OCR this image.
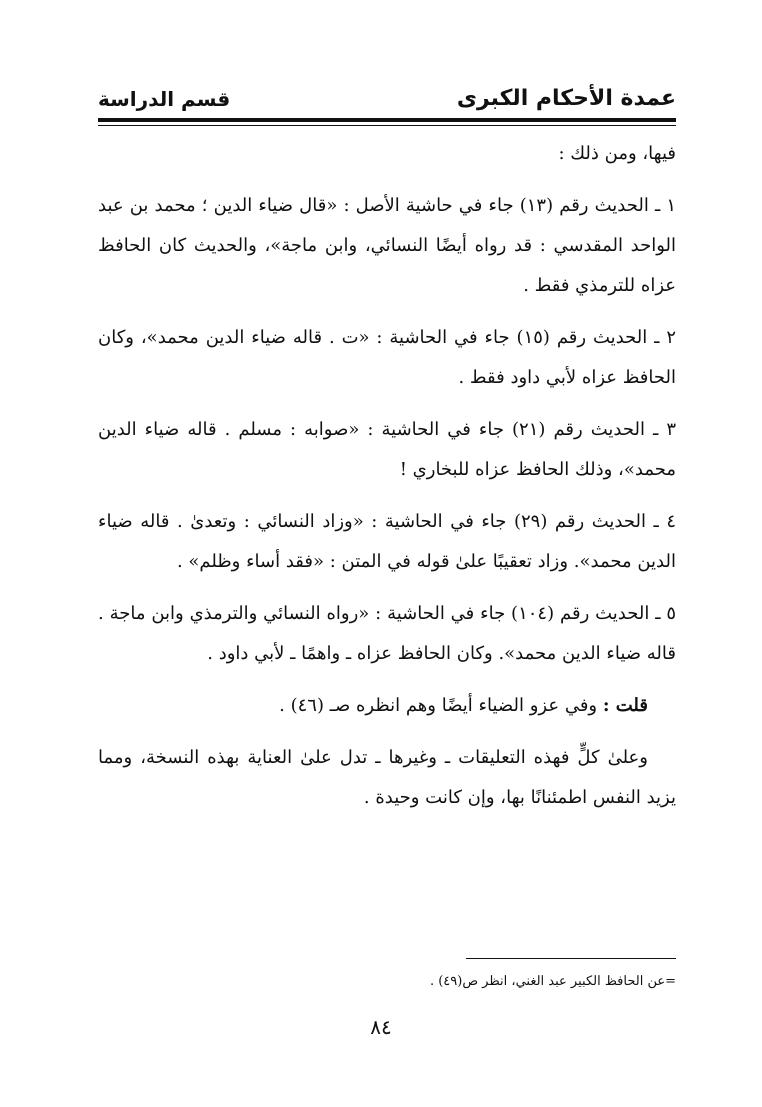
عمدة الأحكام الكبرى
قسم الدراسة

فيها، ومن ذلك :

١ ـ الحديث رقم (١٣) جاء في حاشية الأصل : «قال ضياء الدين ؛ محمد بن عبد الواحد المقدسي : قد رواه أيضًا النسائي، وابن ماجة»، والحديث كان الحافظ عزاه للترمذي فقط .

٢ ـ الحديث رقم (١٥) جاء في الحاشية : «ت . قاله ضياء الدين محمد»، وكان الحافظ عزاه لأبي داود فقط .

٣ ـ الحديث رقم (٢١) جاء في الحاشية : «صوابه : مسلم . قاله ضياء الدين محمد»، وذلك الحافظ عزاه للبخاري !

٤ ـ الحديث رقم (٢٩) جاء في الحاشية : «وزاد النسائي : وتعدىٰ . قاله ضياء الدين محمد». وزاد تعقيبًا علىٰ قوله في المتن : «فقد أساء وظلم» .

٥ ـ الحديث رقم (١٠٤) جاء في الحاشية : «رواه النسائي والترمذي وابن ماجة . قاله ضياء الدين محمد». وكان الحافظ عزاه ـ واهمًا ـ لأبي داود .

قلت : وفي عزو الضياء أيضًا وهم انظره صـ (٤٦) .

وعلىٰ كلٍّ فهذه التعليقات ـ وغيرها ـ تدل علىٰ العناية بهذه النسخة، ومما يزيد النفس اطمئنانًا بها، وإن كانت وحيدة .

=عن الحافظ الكبير عبد الغني، انظر ص(٤٩) .
٨٤
